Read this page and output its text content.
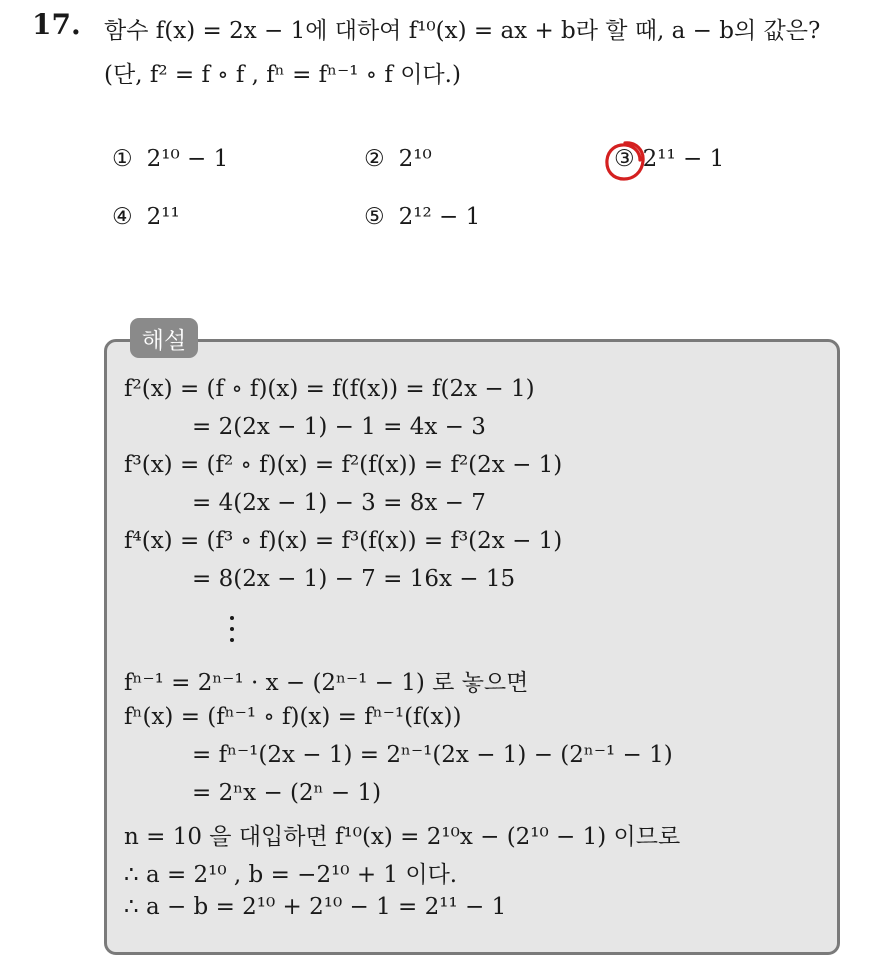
17. 함수 f(x) = 2x − 1에 대하여 f¹⁰(x) = ax + b라 할 때, a − b의 값은?
(단, f² = f ∘ f , fⁿ = fⁿ⁻¹ ∘ f 이다.)
① 2¹⁰ − 1	② 2¹⁰	③ 2¹¹ − 1
④ 2¹¹	⑤ 2¹² − 1
해설
f²(x) = (f ∘ f)(x) = f(f(x)) = f(2x − 1)
= 2(2x − 1) − 1 = 4x − 3
f³(x) = (f² ∘ f)(x) = f²(f(x)) = f²(2x − 1)
= 4(2x − 1) − 3 = 8x − 7
f⁴(x) = (f³ ∘ f)(x) = f³(f(x)) = f³(2x − 1)
= 8(2x − 1) − 7 = 16x − 15
fⁿ⁻¹ = 2ⁿ⁻¹ · x − (2ⁿ⁻¹ − 1) 로 놓으면
fⁿ(x) = (fⁿ⁻¹ ∘ f)(x) = fⁿ⁻¹(f(x))
= fⁿ⁻¹(2x − 1) = 2ⁿ⁻¹(2x − 1) − (2ⁿ⁻¹ − 1)
= 2ⁿx − (2ⁿ − 1)
n = 10 을 대입하면 f¹⁰(x) = 2¹⁰x − (2¹⁰ − 1) 이므로
∴ a = 2¹⁰ , b = −2¹⁰ + 1 이다.
∴ a − b = 2¹⁰ + 2¹⁰ − 1 = 2¹¹ − 1
